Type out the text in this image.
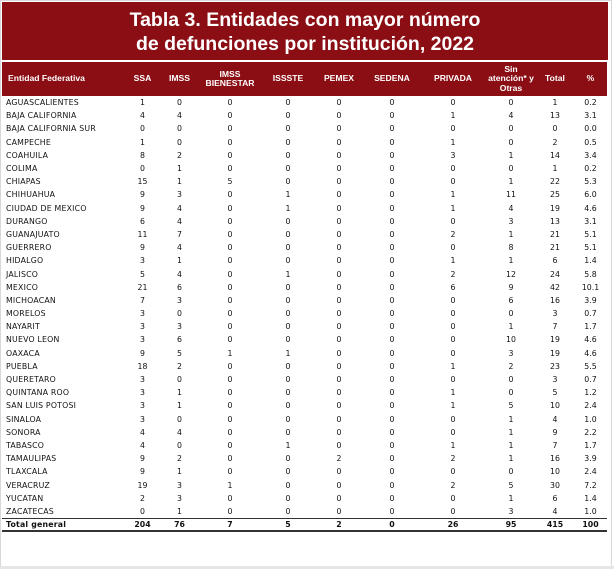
Tabla 3. Entidades con mayor número
de defunciones por institución, 2022
Entidad Federativa	SSA	IMSS	IMSS BIENESTAR	ISSSTE	PEMEX	SEDENA	PRIVADA	Sin atención* y Otras	Total	%
AGUASCALIENTES	1	0	0	0	0	0	0	0	1	0.2
BAJA CALIFORNIA	4	4	0	0	0	0	1	4	13	3.1
BAJA CALIFORNIA SUR	0	0	0	0	0	0	0	0	0	0.0
CAMPECHE	1	0	0	0	0	0	1	0	2	0.5
COAHUILA	8	2	0	0	0	0	3	1	14	3.4
COLIMA	0	1	0	0	0	0	0	0	1	0.2
CHIAPAS	15	1	5	0	0	0	0	1	22	5.3
CHIHUAHUA	9	3	0	1	0	0	1	11	25	6.0
CIUDAD DE MEXICO	9	4	0	1	0	0	1	4	19	4.6
DURANGO	6	4	0	0	0	0	0	3	13	3.1
GUANAJUATO	11	7	0	0	0	0	2	1	21	5.1
GUERRERO	9	4	0	0	0	0	0	8	21	5.1
HIDALGO	3	1	0	0	0	0	1	1	6	1.4
JALISCO	5	4	0	1	0	0	2	12	24	5.8
MEXICO	21	6	0	0	0	0	6	9	42	10.1
MICHOACAN	7	3	0	0	0	0	0	6	16	3.9
MORELOS	3	0	0	0	0	0	0	0	3	0.7
NAYARIT	3	3	0	0	0	0	0	1	7	1.7
NUEVO LEON	3	6	0	0	0	0	0	10	19	4.6
OAXACA	9	5	1	1	0	0	0	3	19	4.6
PUEBLA	18	2	0	0	0	0	1	2	23	5.5
QUERETARO	3	0	0	0	0	0	0	0	3	0.7
QUINTANA ROO	3	1	0	0	0	0	1	0	5	1.2
SAN LUIS POTOSI	3	1	0	0	0	0	1	5	10	2.4
SINALOA	3	0	0	0	0	0	0	1	4	1.0
SONORA	4	4	0	0	0	0	0	1	9	2.2
TABASCO	4	0	0	1	0	0	1	1	7	1.7
TAMAULIPAS	9	2	0	0	2	0	2	1	16	3.9
TLAXCALA	9	1	0	0	0	0	0	0	10	2.4
VERACRUZ	19	3	1	0	0	0	2	5	30	7.2
YUCATAN	2	3	0	0	0	0	0	1	6	1.4
ZACATECAS	0	1	0	0	0	0	0	3	4	1.0
Total general	204	76	7	5	2	0	26	95	415	100
